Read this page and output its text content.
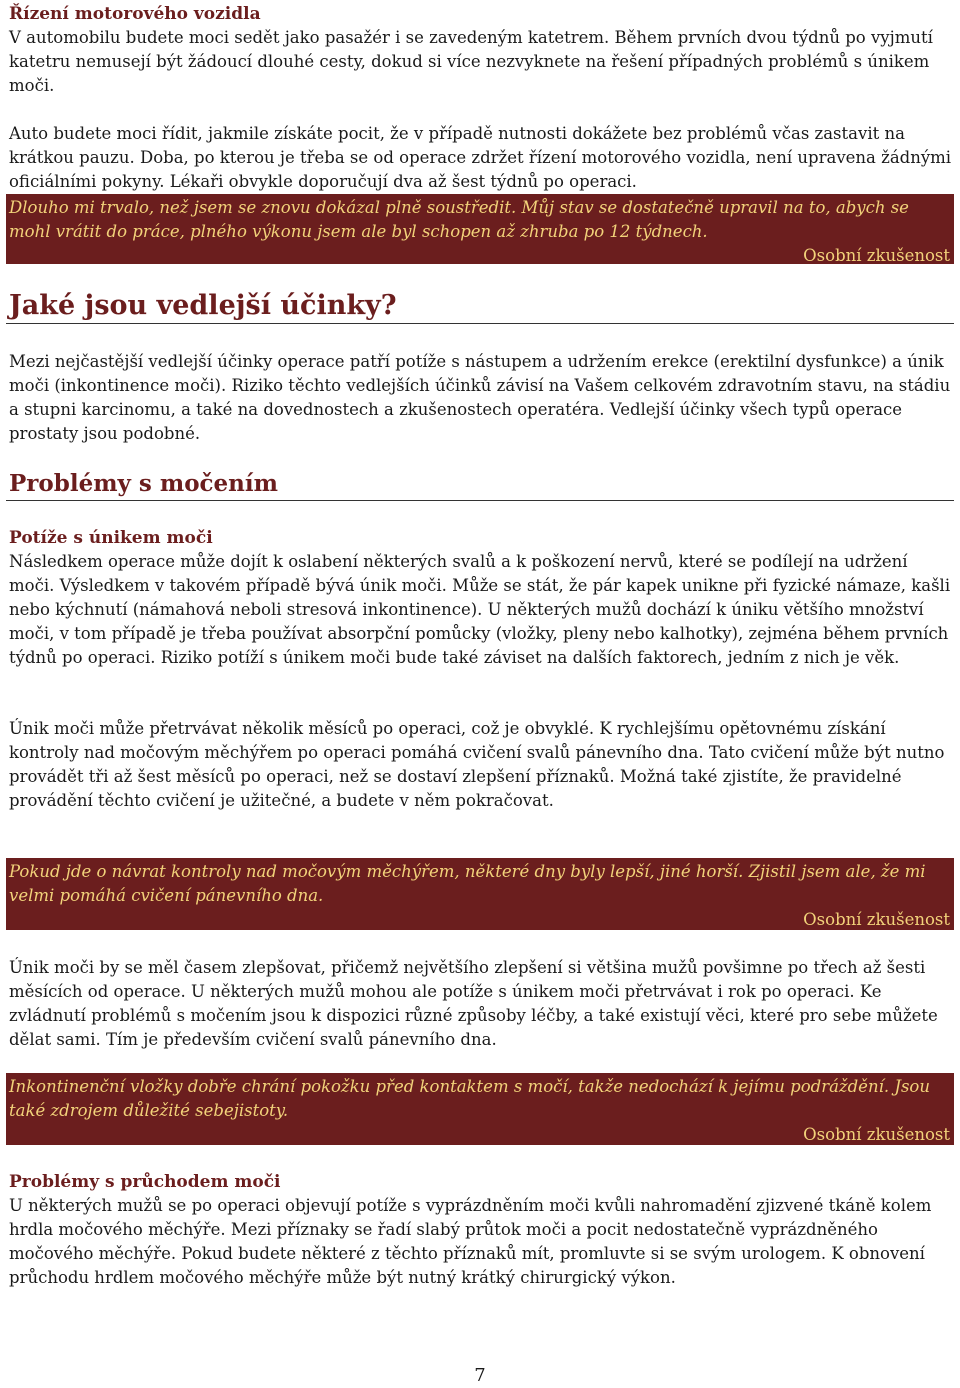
Řízení motorového vozidla

V automobilu budete moci sedět jako pasažér i se zavedeným katetrem. Během prvních dvou týdnů po vyjmutí katetru nemusejí být žádoucí dlouhé cesty, dokud si více nezvyknete na řešení případných problémů s únikem moči.

Auto budete moci řídit, jakmile získáte pocit, že v případě nutnosti dokážete bez problémů včas zastavit na krátkou pauzu. Doba, po kterou je třeba se od operace zdržet řízení motorového vozidla, není upravena žádnými oficiálními pokyny. Lékaři obvykle doporučují dva až šest týdnů po operaci.

Dlouho mi trvalo, než jsem se znovu dokázal plně soustředit. Můj stav se dostatečně upravil na to, abych se mohl vrátit do práce, plného výkonu jsem ale byl schopen až zhruba po 12 týdnech.

Osobní zkušenost

Jaké jsou vedlejší účinky?

Mezi nejčastější vedlejší účinky operace patří potíže s nástupem a udržením erekce (erektilní dysfunkce) a únik moči (inkontinence moči). Riziko těchto vedlejších účinků závisí na Vašem celkovém zdravotním stavu, na stádiu a stupni karcinomu, a také na dovednostech a zkušenostech operatéra. Vedlejší účinky všech typů operace prostaty jsou podobné.

Problémy s močením
Potíže s únikem moči

Následkem operace může dojít k oslabení některých svalů a k poškození nervů, které se podílejí na udržení moči. Výsledkem v takovém případě bývá únik moči. Může se stát, že pár kapek unikne při fyzické námaze, kašli nebo kýchnutí (námahová neboli stresová inkontinence). U některých mužů dochází k úniku většího množství moči, v tom případě je třeba používat absorpční pomůcky (vložky, pleny nebo kalhotky), zejména během prvních týdnů po operaci. Riziko potíží s únikem moči bude také záviset na dalších faktorech, jedním z nich je věk.

Únik moči může přetrvávat několik měsíců po operaci, což je obvyklé. K rychlejšímu opětovnému získání kontroly nad močovým měchýřem po operaci pomáhá cvičení svalů pánevního dna. Tato cvičení může být nutno provádět tři až šest měsíců po operaci, než se dostaví zlepšení příznaků. Možná také zjistíte, že pravidelné provádění těchto cvičení je užitečné, a budete v něm pokračovat.

Pokud jde o návrat kontroly nad močovým měchýřem, některé dny byly lepší, jiné horší. Zjistil jsem ale, že mi velmi pomáhá cvičení pánevního dna.

Osobní zkušenost

Únik moči by se měl časem zlepšovat, přičemž největšího zlepšení si většina mužů povšimne po třech až šesti měsících od operace. U některých mužů mohou ale potíže s únikem moči přetrvávat i rok po operaci. Ke zvládnutí problémů s močením jsou k dispozici různé způsoby léčby, a také existují věci, které pro sebe můžete dělat sami. Tím je především cvičení svalů pánevního dna.

Inkontinenční vložky dobře chrání pokožku před kontaktem s močí, takže nedochází k jejímu podráždění. Jsou také zdrojem důležité sebejistoty.

Osobní zkušenost

Problémy s průchodem moči

U některých mužů se po operaci objevují potíže s vyprázdněním moči kvůli nahromadění zjizvené tkáně kolem hrdla močového měchýře. Mezi příznaky se řadí slabý průtok moči a pocit nedostatečně vyprázdněného močového měchýře. Pokud budete některé z těchto příznaků mít, promluvte si se svým urologem. K obnovení průchodu hrdlem močového měchýře může být nutný krátký chirurgický výkon.

7
